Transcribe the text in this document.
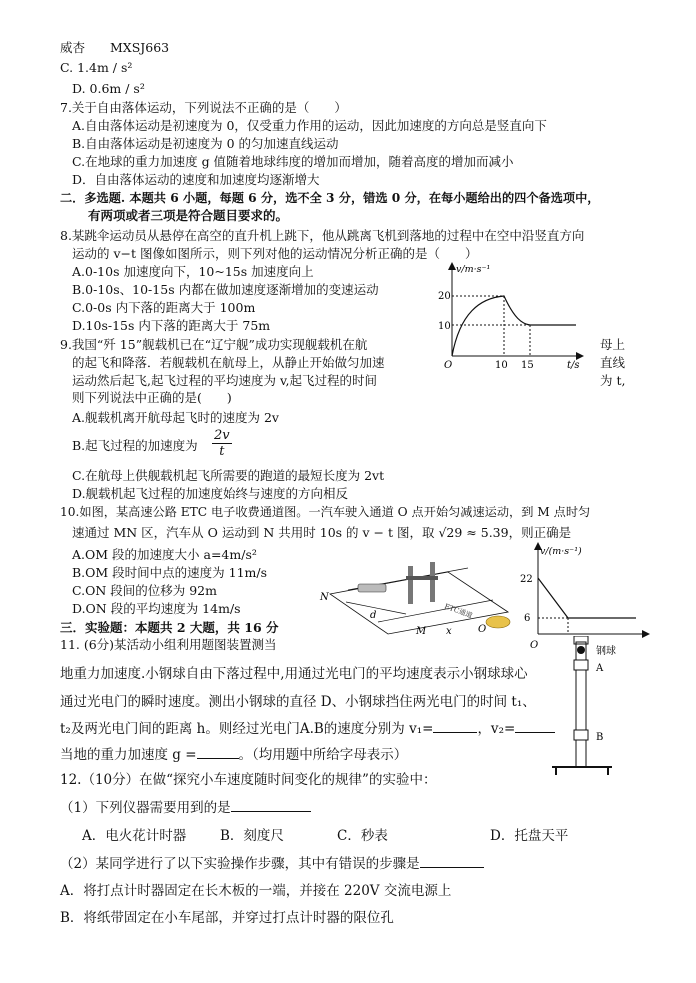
威杏　　MXSJ663
C. 1.4m / s²
D. 0.6m / s²
7.关于自由落体运动，下列说法不正确的是（　　）
A.自由落体运动是初速度为 0，仅受重力作用的运动，因此加速度的方向总是竖直向下
B.自由落体运动是初速度为 0 的匀加速直线运动
C.在地球的重力加速度 g 值随着地球纬度的增加而增加，随着高度的增加而减小
D．自由落体运动的速度和加速度均逐渐增大
二．多选题. 本题共 6 小题，每题 6 分，选不全 3 分，错选 0 分，在每小题给出的四个备选项中，
有两项或者三项是符合题目要求的。
8.某跳伞运动员从悬停在高空的直升机上跳下，他从跳离飞机到落地的过程中在空中沿竖直方向
运动的 v−t 图像如图所示，则下列对他的运动情况分析正确的是（　　）
A.0-10s 加速度向下，10~15s 加速度向上
B.0-10s、10-15s 内都在做加速度逐渐增加的变速运动
C.0-0s 内下落的距离大于 100m
D.10s-15s 内下落的距离大于 75m
v/m·s⁻¹
t/s
20
10
10 15
O
9.我国“歼 15”舰载机已在“辽宁舰”成功实现舰载机在航	母上
的起飞和降落．若舰载机在航母上，从静止开始做匀加速	直线
运动然后起飞,起飞过程的平均速度为 v,起飞过程的时间	为 t,
则下列说法中正确的是(　　)
A.舰载机离开航母起飞时的速度为 2v
B.起飞过程的加速度为 $\frac{2v}{t}$
C.在航母上供舰载机起飞所需要的跑道的最短长度为 2vt
D.舰载机起飞过程的加速度始终与速度的方向相反
10.如图，某高速公路 ETC 电子收费通道图。一汽车驶入通道 O 点开始匀减速运动，到 M 点时匀
速通过 MN 区，汽车从 O 运动到 N 共用时 10s 的 v − t 图，取 √29 ≈ 5.39，则正确是
A.OM 段的加速度大小 a=4m/s²
B.OM 段时间中点的速度为 11m/s
C.ON 段间的位移为 92m
D.ON 段的平均速度为 14m/s
N
d
M x	O
ETC通道
v/(m·s⁻¹)
22
6
O
三．实验题：本题共 2 大题，共 16 分
11. (6分)某活动小组利用题图装置测当
地重力加速度.小钢球自由下落过程中,用通过光电门的平均速度表示小钢球球心
通过光电门的瞬时速度。测出小钢球的直径 D、小钢球挡住两光电门的时间 t₁、
t₂及两光电门间的距离 h。则经过光电门A.B的速度分别为 v₁=	，v₂=
当地的重力加速度 g =	。（均用题中所给字母表示）
钢球
A
B
12.（10分）在做“探究小车速度随时间变化的规律”的实验中：
（1）下列仪器需要用到的是
A．电火花计时器	B．刻度尺	C．秒表	D．托盘天平
（2）某同学进行了以下实验操作步骤，其中有错误的步骤是
A．将打点计时器固定在长木板的一端，并接在 220V 交流电源上
B．将纸带固定在小车尾部，并穿过打点计时器的限位孔
